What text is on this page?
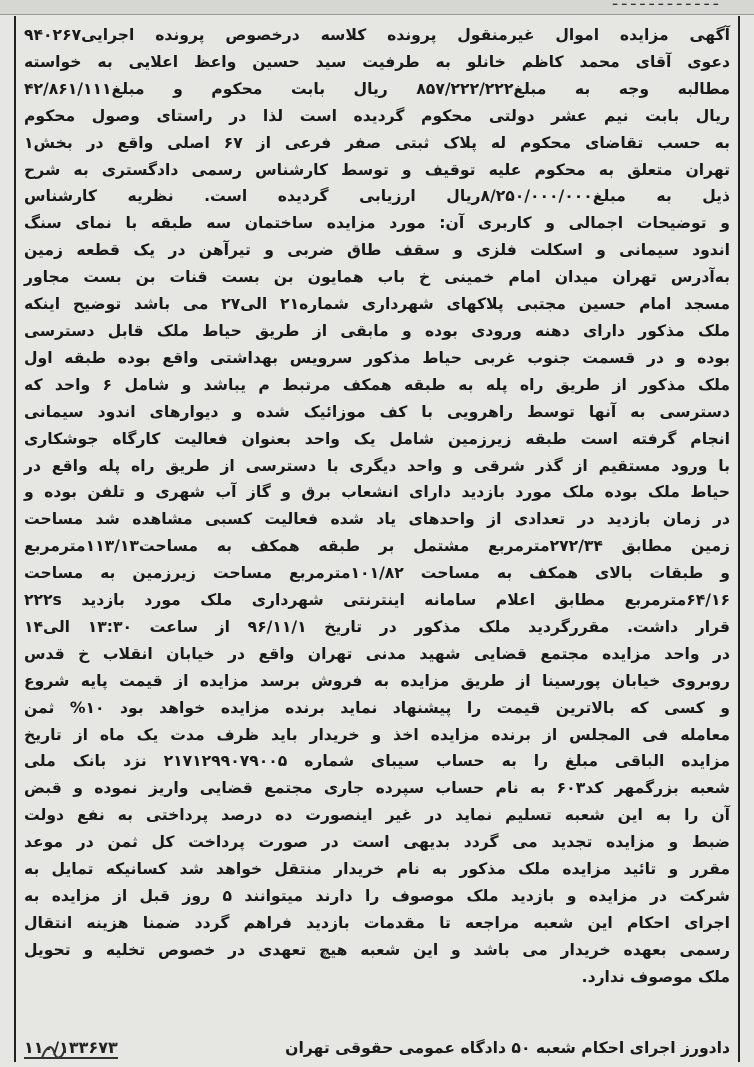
ـ ـ ـ ـ ـ ـ ـ ـ ـ ـ ـ ـ
آگهی مزایده اموال غیرمنقول پرونده کلاسه درخصوص پرونده اجرایی۹۴۰۲۶۷
دعوی آقای محمد کاظم خانلو به طرفیت سید حسین واعظ اعلایی به خواسته
مطالبه وجه به مبلغ۸۵۷/۲۲۲/۲۲۲ ریال بابت محکوم و مبلغ۴۲/۸۶۱/۱۱۱
ریال بابت نیم عشر دولتی محکوم گردیده است لذا در راستای وصول محکوم
به حسب تقاضای محکوم له پلاک ثبتی صفر فرعی از ۶۷ اصلی واقع در بخش۱
تهران متعلق به محکوم علیه توقیف و توسط کارشناس رسمی دادگستری به شرح
ذیل به مبلغ۸/۲۵۰/۰۰۰/۰۰۰ریال ارزیابی گردیده است. نظریه کارشناس
و توضیحات اجمالی و کاربری آن: مورد مزایده ساختمان سه طبقه با نمای سنگ
اندود سیمانی و اسکلت فلزی و سقف طاق ضربی و تیرآهن در یک قطعه زمین
به‌آدرس تهران میدان امام خمینی خ باب همایون بن بست قنات بن بست مجاور
مسجد امام حسین مجتبی پلاکهای شهرداری شماره۲۱ الی۲۷ می باشد توضیح اینکه
ملک مذکور دارای دهنه ورودی بوده و مابقی از طریق حیاط ملک قابل دسترسی
بوده و در قسمت جنوب غربی حیاط مذکور سرویس بهداشتی واقع بوده طبقه اول
ملک مذکور از طریق راه پله به طبقه همکف مرتبط م یباشد و شامل ۶ واحد که
دسترسی به آنها توسط راهرویی با کف موزائیک شده و دیوارهای اندود سیمانی
انجام گرفته است طبقه زیرزمین شامل یک واحد بعنوان فعالیت کارگاه جوشکاری
با ورود مستقیم از گذر شرقی و واحد دیگری با دسترسی از طریق راه پله واقع در
حیاط ملک بوده ملک مورد بازدید دارای انشعاب برق و گاز آب شهری و تلفن بوده و
در زمان بازدید در تعدادی از واحدهای یاد شده فعالیت کسبی مشاهده شد مساحت
زمین مطابق ۲۷۲/۳۴مترمربع مشتمل بر طبقه همکف به مساحت۱۱۳/۱۳مترمربع
و طبقات بالای همکف به مساحت ۱۰۱/۸۲مترمربع مساحت زیرزمین به مساحت
۶۴/۱۶مترمربع مطابق اعلام سامانه اینترنتی شهرداری ملک مورد بازدید ۲۲۲s
قرار داشت. مقررگردید ملک مذکور در تاریخ ۹۶/۱۱/۱ از ساعت ۱۳:۳۰ الی۱۴
در واحد مزایده مجتمع قضایی شهید مدنی تهران واقع در خیابان انقلاب خ قدس
روبروی خیابان پورسینا از طریق مزایده به فروش برسد مزایده از قیمت پایه شروع
و کسی که بالاترین قیمت را پیشنهاد نماید برنده مزایده خواهد بود ۱۰% ثمن
معامله فی المجلس از برنده مزایده اخذ و خریدار باید ظرف مدت یک ماه از تاریخ
مزایده الباقی مبلغ را به حساب سیبای شماره ۲۱۷۱۲۹۹۰۷۹۰۰۵ نزد بانک ملی
شعبه بزرگمهر کد۶۰۳ به نام حساب سپرده جاری مجتمع قضایی واریز نموده و قبض
آن را به این شعبه تسلیم نماید در غیر اینصورت ده درصد پرداختی به نفع دولت
ضبط و مزایده تجدید می گردد بدیهی است در صورت پرداخت کل ثمن در موعد
مقرر و تائید مزایده ملک مذکور به نام خریدار منتقل خواهد شد کسانیکه تمایل به
شرکت در مزایده و بازدید ملک موصوف را دارند میتوانند ۵ روز قبل از مزایده به
اجرای احکام این شعبه مراجعه تا مقدمات بازدید فراهم گردد ضمنا هزینه انتقال
رسمی بعهده خریدار می باشد و این شعبه هیچ تعهدی در خصوص تخلیه و تحویل
ملک موصوف ندارد.
دادورز اجرای احکام شعبه ۵۰ دادگاه عمومی حقوقی تهران
۱۱۰/۱۳۳۶۷۳
